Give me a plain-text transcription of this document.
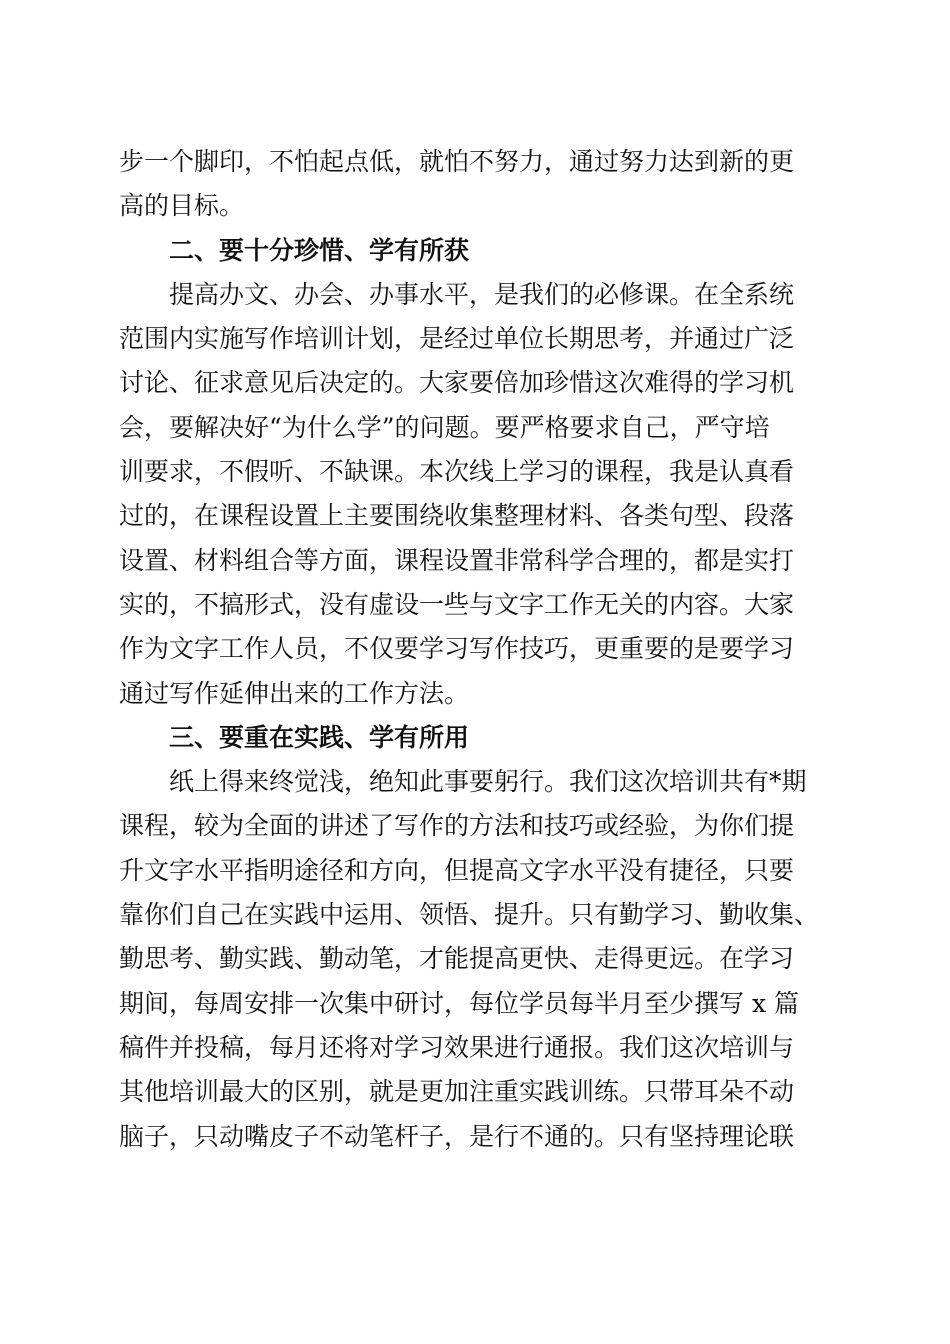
步一个脚印，不怕起点低，就怕不努力，通过努力达到新的更
高的目标。
二、要十分珍惜、学有所获
提高办文、办会、办事水平，是我们的必修课。在全系统
范围内实施写作培训计划，是经过单位长期思考，并通过广泛
讨论、征求意见后决定的。大家要倍加珍惜这次难得的学习机
会，要解决好“为什么学”的问题。要严格要求自己，严守培
训要求，不假听、不缺课。本次线上学习的课程，我是认真看
过的，在课程设置上主要围绕收集整理材料、各类句型、段落
设置、材料组合等方面，课程设置非常科学合理的，都是实打
实的，不搞形式，没有虚设一些与文字工作无关的内容。大家
作为文字工作人员，不仅要学习写作技巧，更重要的是要学习
通过写作延伸出来的工作方法。
三、要重在实践、学有所用
纸上得来终觉浅，绝知此事要躬行。我们这次培训共有*期
课程，较为全面的讲述了写作的方法和技巧或经验，为你们提
升文字水平指明途径和方向，但提高文字水平没有捷径，只要
靠你们自己在实践中运用、领悟、提升。只有勤学习、勤收集、
勤思考、勤实践、勤动笔，才能提高更快、走得更远。在学习
期间，每周安排一次集中研讨，每位学员每半月至少撰写 x 篇
稿件并投稿，每月还将对学习效果进行通报。我们这次培训与
其他培训最大的区别，就是更加注重实践训练。只带耳朵不动
脑子，只动嘴皮子不动笔杆子，是行不通的。只有坚持理论联
